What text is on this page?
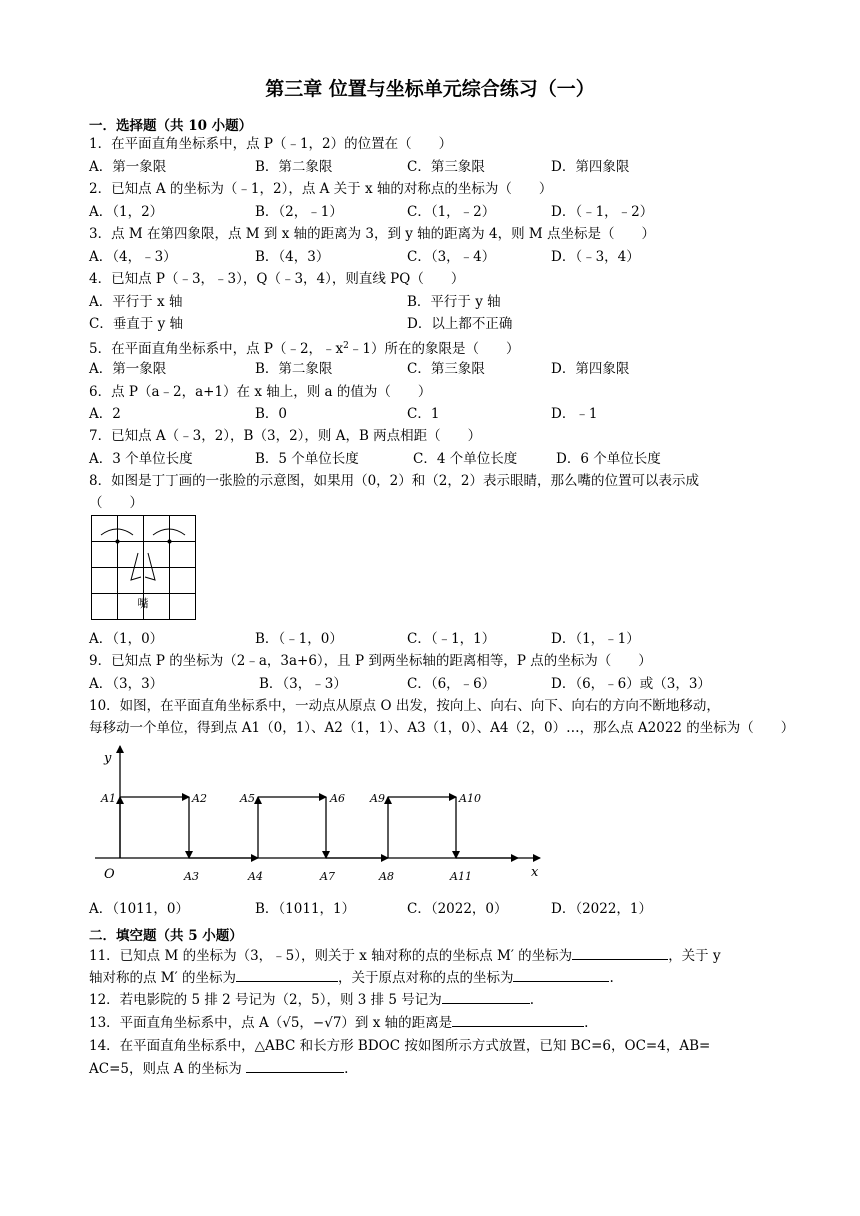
第三章 位置与坐标单元综合练习（一）
一．选择题（共 10 小题）
1．在平面直角坐标系中，点 P（﹣1，2）的位置在（　　）
A．第一象限	B．第二象限	C．第三象限	D．第四象限
2．已知点 A 的坐标为（﹣1，2），点 A 关于 x 轴的对称点的坐标为（　　）
A．（1，2）	B．（2，﹣1）	C．（1，﹣2）	D．（﹣1，﹣2）
3．点 M 在第四象限，点 M 到 x 轴的距离为 3，到 y 轴的距离为 4，则 M 点坐标是（　　）
A．（4，﹣3）	B．（4，3）	C．（3，﹣4）	D．（﹣3，4）
4．已知点 P（﹣3，﹣3），Q（﹣3，4），则直线 PQ（　　）
A．平行于 x 轴	B．平行于 y 轴
C．垂直于 y 轴	D．以上都不正确
5．在平面直角坐标系中，点 P（﹣2，$﹣x^2﹣1$）所在的象限是（　　）
A．第一象限	B．第二象限	C．第三象限	D．第四象限
6．点 P（a﹣2，a+1）在 x 轴上，则 a 的值为（　　）
A．2	B．0	C．1	D．﹣1
7．已知点 A（﹣3，2），B（3，2），则 A，B 两点相距（　　）
A．3 个单位长度	B．5 个单位长度	C．4 个单位长度	D．6 个单位长度
8．如图是丁丁画的一张脸的示意图，如果用（0，2）和（2，2）表示眼睛，那么嘴的位置可以表示成
（　　）
嘴
A．（1，0）	B．（﹣1，0）	C．（﹣1，1）	D．（1，﹣1）
9．已知点 P 的坐标为（2﹣a，3a+6），且 P 到两坐标轴的距离相等，P 点的坐标为（　　）
A．（3，3）	B．（3，﹣3）	C．（6，﹣6）	D．（6，﹣6）或（3，3）
10．如图，在平面直角坐标系中，一动点从原点 O 出发，按向上、向右、向下、向右的方向不断地移动，
每移动一个单位，得到点 A1（0，1）、A2（1，1）、A3（1，0）、A4（2，0）…，那么点 A2022 的坐标为（　　）
y
x
O
A1	A2
A3	A4
A5	A6
A7	A8
A9	A10
A11
A．（1011，0）	B．（1011，1）	C．（2022，0）	D．（2022，1）
二．填空题（共 5 小题）
11．已知点 M 的坐标为（3，﹣5），则关于 x 轴对称的点的坐标点 M′ 的坐标为	，关于 y
轴对称的点 M′ 的坐标为	，关于原点对称的点的坐标为	.
12．若电影院的 5 排 2 号记为（2，5），则 3 排 5 号记为	.
13．平面直角坐标系中，点 A（√5，−√7）到 x 轴的距离是	.
14．在平面直角坐标系中，△ABC 和长方形 BDOC 按如图所示方式放置，已知 BC=6，OC=4，AB=
AC=5，则点 A 的坐标为	.
